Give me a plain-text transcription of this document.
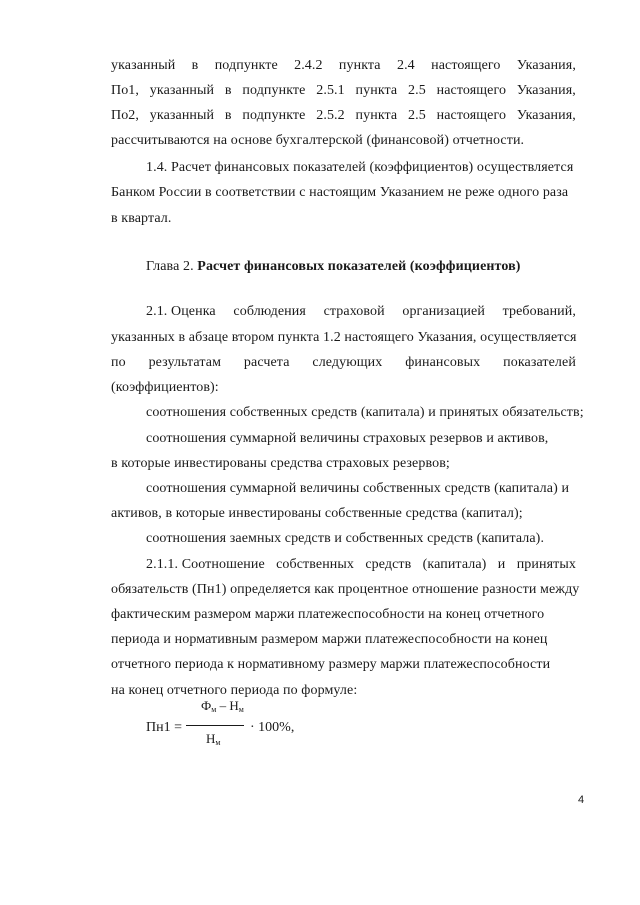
указанный в подпункте 2.4.2 пункта 2.4 настоящего Указания,
По1, указанный в подпункте 2.5.1 пункта 2.5 настоящего Указания,
По2, указанный в подпункте 2.5.2 пункта 2.5 настоящего Указания,
рассчитываются на основе бухгалтерской (финансовой) отчетности.
1.4. Расчет финансовых показателей (коэффициентов) осуществляется
Банком России в соответствии с настоящим Указанием не реже одного раза
в квартал.
Глава 2. Расчет финансовых показателей (коэффициентов)
2.1. Оценка соблюдения страховой организацией требований,
указанных в абзаце втором пункта 1.2 настоящего Указания, осуществляется
по результатам расчета следующих финансовых показателей
(коэффициентов):
соотношения собственных средств (капитала) и принятых обязательств;
соотношения суммарной величины страховых резервов и активов,
в которые инвестированы средства страховых резервов;
соотношения суммарной величины собственных средств (капитала) и
активов, в которые инвестированы собственные средства (капитал);
соотношения заемных средств и собственных средств (капитала).
2.1.1. Соотношение собственных средств (капитала) и принятых
обязательств (Пн1) определяется как процентное отношение разности между
фактическим размером маржи платежеспособности на конец отчетного
периода и нормативным размером маржи платежеспособности на конец
отчетного периода к нормативному размеру маржи платежеспособности
на конец отчетного периода по формуле:
Пн1 =
$Ф_м - Н_м$
$Н_м$
· 100%,
4
